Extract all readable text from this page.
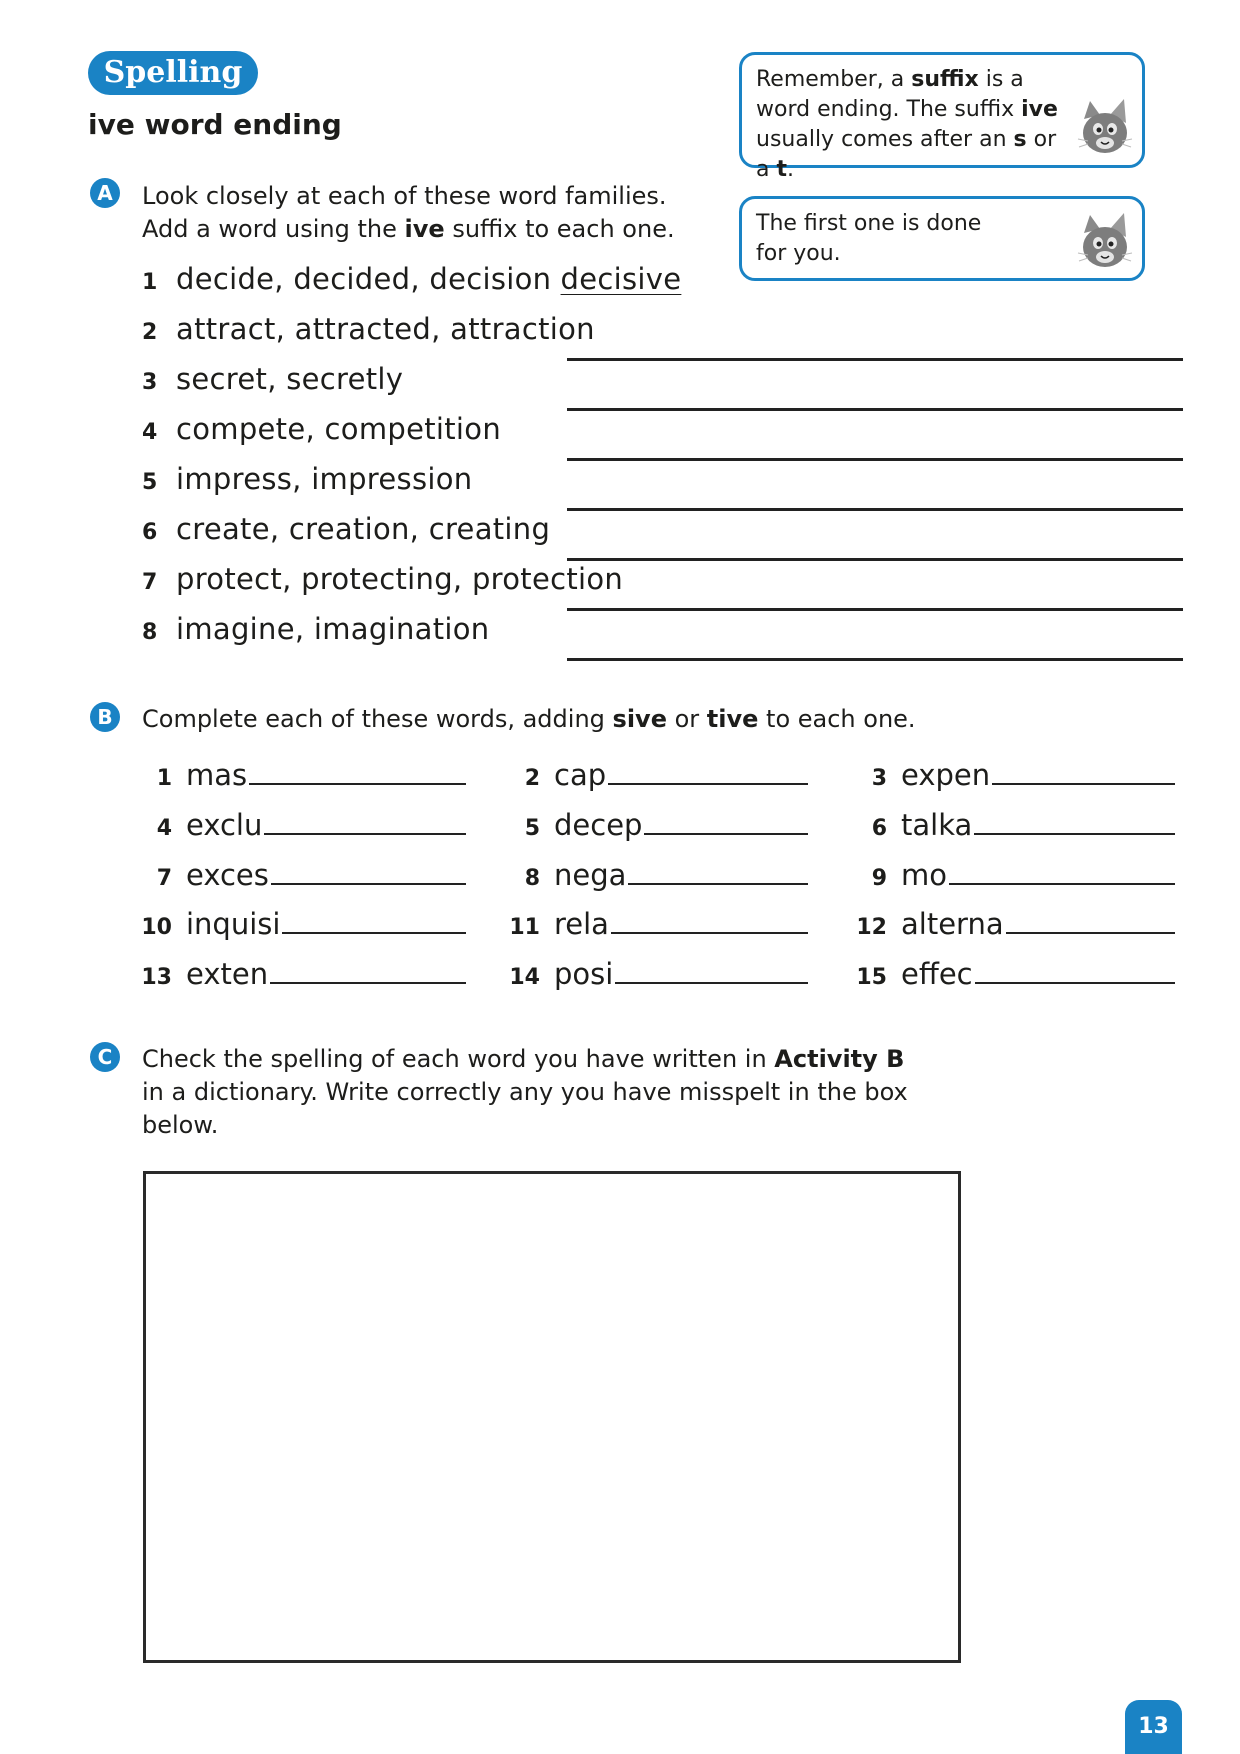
Spelling
ive word ending
Remember, a suffix is a word ending. The suffix ive usually comes after an s or a t.
The first one is done for you.
A	Look closely at each of these word families. Add a word using the ive suffix to each one.
1 decide, decided, decision decisive
2 attract, attracted, attraction
3 secret, secretly
4 compete, competition
5 impress, impression
6 create, creation, creating
7 protect, protecting, protection
8 imagine, imagination
B	Complete each of these words, adding sive or tive to each one.
1 mas	2 cap	3 expen
4 exclu	5 decep	6 talka
7 exces	8 nega	9 mo
10 inquisi	11 rela	12 alterna
13 exten	14 posi	15 effec
C	Check the spelling of each word you have written in Activity B in a dictionary. Write correctly any you have misspelt in the box below.
13
